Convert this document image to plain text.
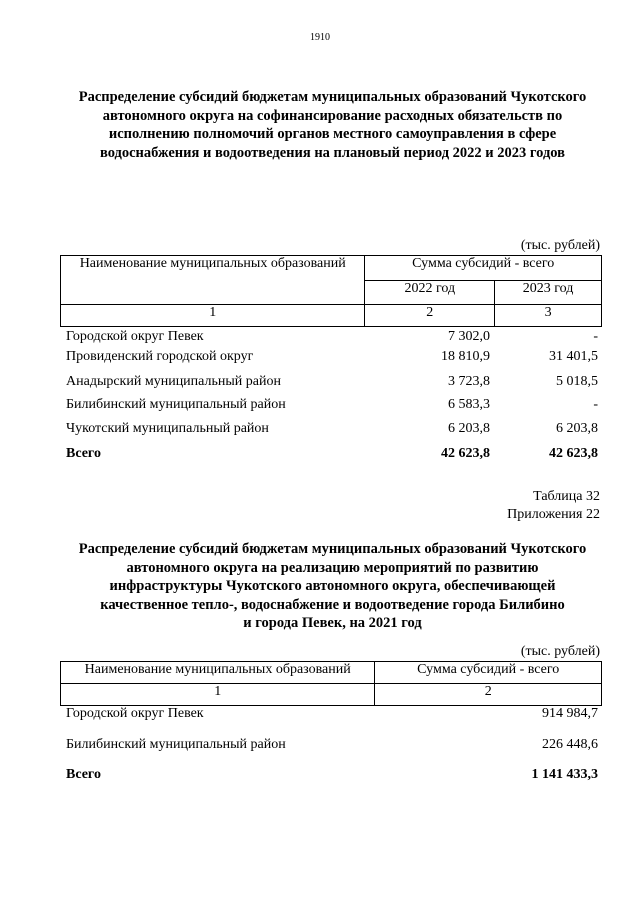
1910
Распределение субсидий бюджетам муниципальных образований Чукотского
автономного округа на софинансирование расходных обязательств по
исполнению полномочий органов местного самоуправления в сфере
водоснабжения и водоотведения на плановый период 2022 и 2023 годов
(тыс. рублей)
Наименование муниципальных образований	Сумма субсидий - всего	
	2022 год	2023 год
1	2	3
Городской округ Певек	7 302,0	-
Провиденский городской округ	18 810,9	31 401,5
Анадырский муниципальный район	3 723,8	5 018,5
Билибинский муниципальный район	6 583,3	-
Чукотский муниципальный район	6 203,8	6 203,8
Всего	42 623,8	42 623,8
Таблица 32
Приложения 22
Распределение субсидий бюджетам муниципальных образований Чукотского
автономного округа на реализацию мероприятий по развитию
инфраструктуры Чукотского автономного округа, обеспечивающей
качественное тепло-, водоснабжение и водоотведение города Билибино
и города Певек, на 2021 год
(тыс. рублей)
Наименование муниципальных образований	Сумма субсидий - всего
1	2
Городской округ Певек	914 984,7
Билибинский муниципальный район	226 448,6
Всего	1 141 433,3
